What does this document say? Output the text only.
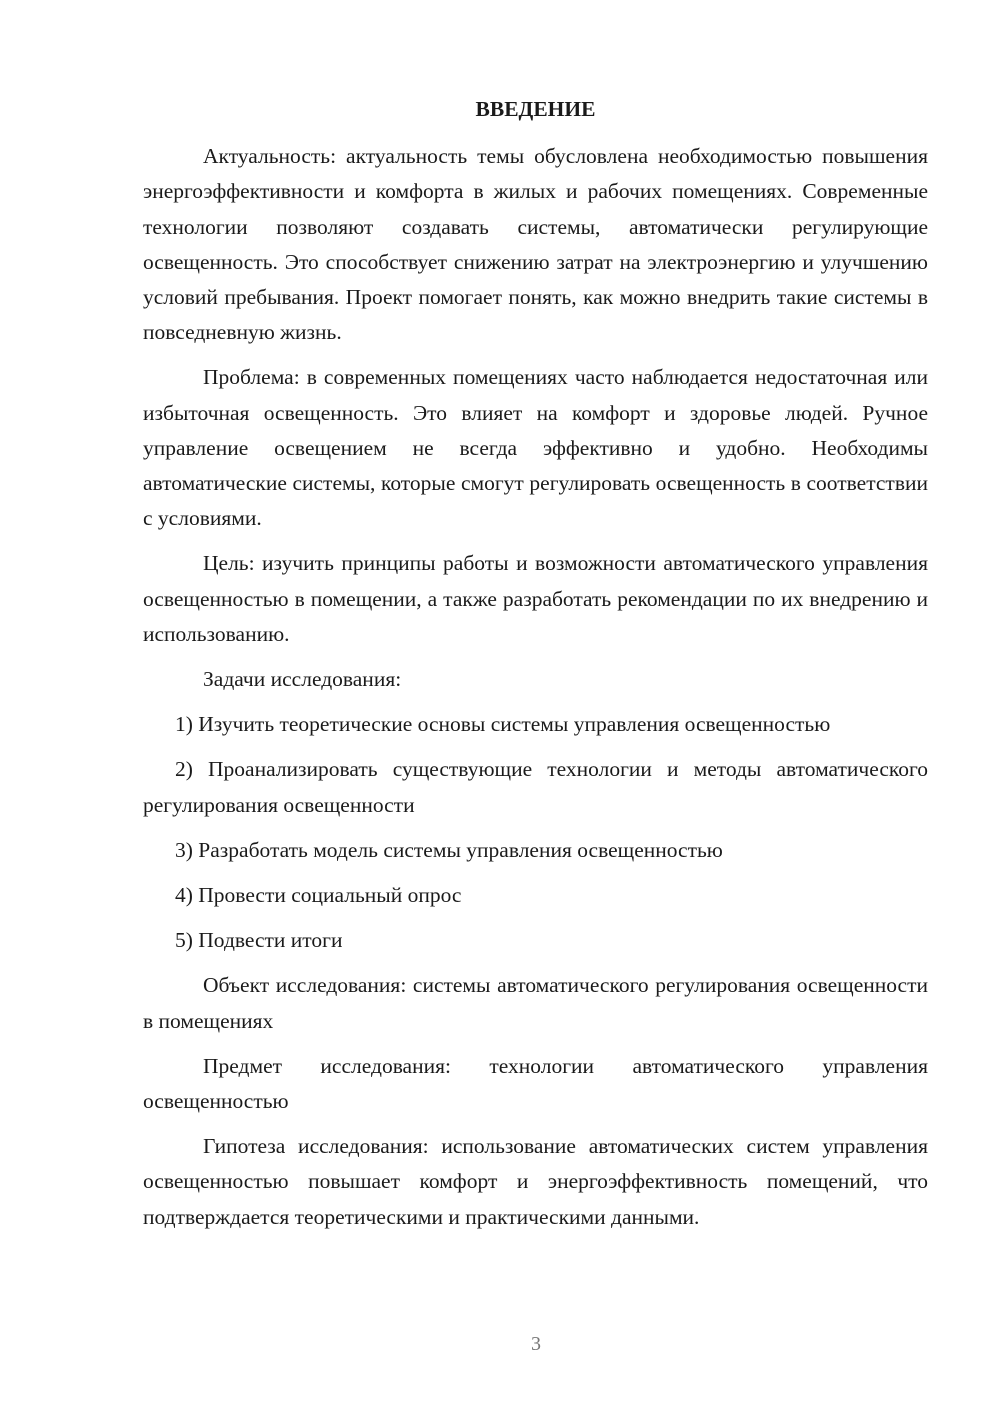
ВВЕДЕНИЕ

Актуальность: актуальность темы обусловлена необходимостью повышения энергоэффективности и комфорта в жилых и рабочих помещениях. Современные технологии позволяют создавать системы, автоматически регулирующие освещенность. Это способствует снижению затрат на электроэнергию и улучшению условий пребывания. Проект помогает понять, как можно внедрить такие системы в повседневную жизнь.

Проблема: в современных помещениях часто наблюдается недостаточная или избыточная освещенность. Это влияет на комфорт и здоровье людей. Ручное управление освещением не всегда эффективно и удобно. Необходимы автоматические системы, которые смогут регулировать освещенность в соответствии с условиями.

Цель: изучить принципы работы и возможности автоматического управления освещенностью в помещении, а также разработать рекомендации по их внедрению и использованию.

Задачи исследования:

1) Изучить теоретические основы системы управления освещенностью

2) Проанализировать существующие технологии и методы автоматического регулирования освещенности

3) Разработать модель системы управления освещенностью

4) Провести социальный опрос

5) Подвести итоги

Объект исследования: системы автоматического регулирования освещенности в помещениях

Предмет исследования: технологии автоматического управления освещенностью

Гипотеза исследования: использование автоматических систем управления освещенностью повышает комфорт и энергоэффективность помещений, что подтверждается теоретическими и практическими данными.

3
